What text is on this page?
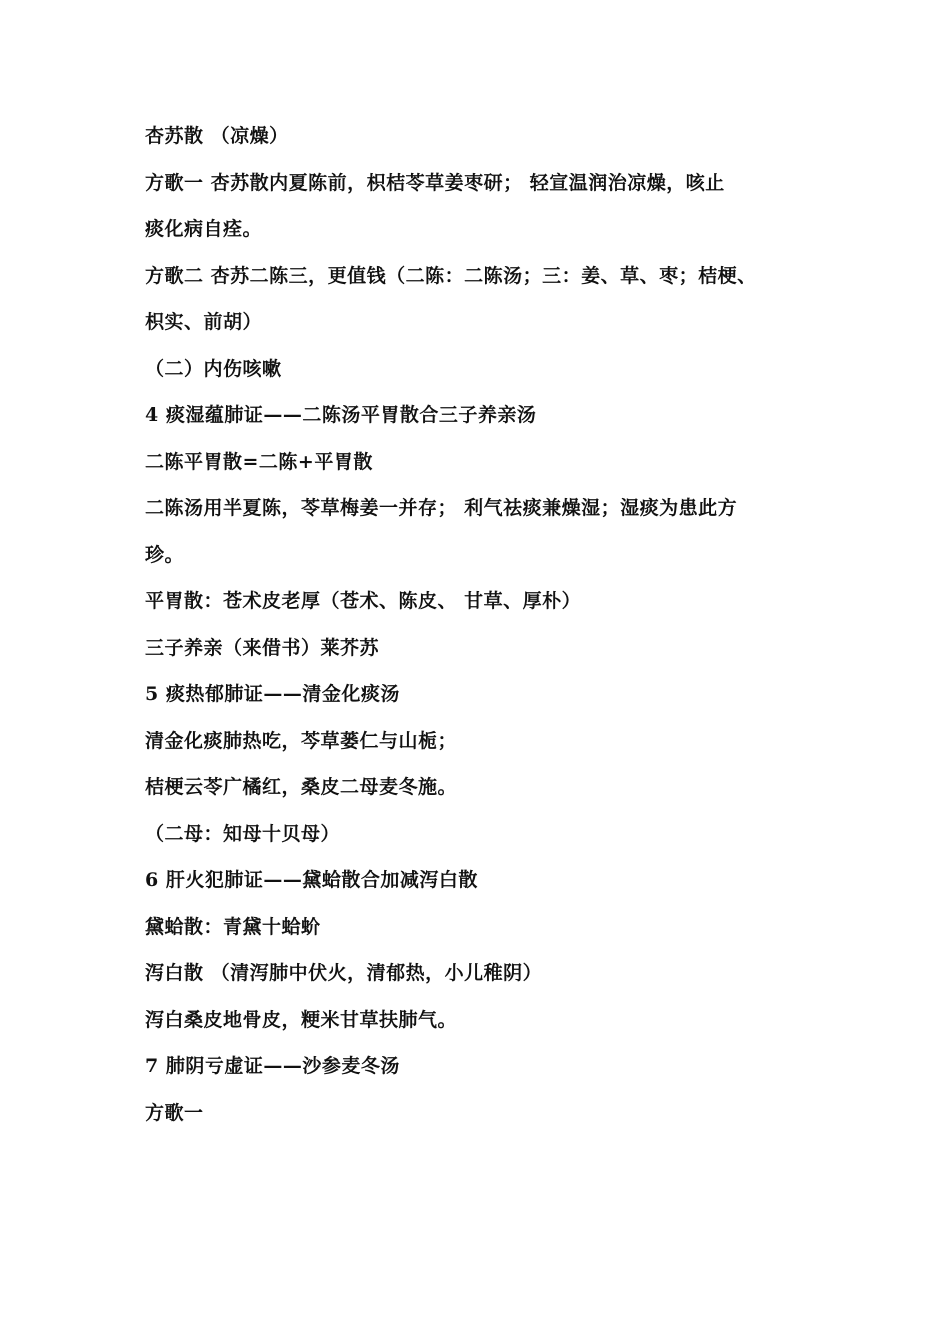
杏苏散 （凉燥）
方歌一 杏苏散内夏陈前，枳桔苓草姜枣研； 轻宣温润治凉燥，咳止
痰化病自痊。
方歌二 杏苏二陈三，更值钱（二陈：二陈汤；三：姜、草、枣；桔梗、
枳实、前胡）
（二）内伤咳嗽
4 痰湿蕴肺证——二陈汤平胃散合三子养亲汤
二陈平胃散=二陈+平胃散
二陈汤用半夏陈，苓草梅姜一并存； 利气祛痰兼燥湿；湿痰为患此方
珍。
平胃散：苍术皮老厚（苍术、陈皮、 甘草、厚朴）
三子养亲（来借书）莱芥苏
5 痰热郁肺证——清金化痰汤
清金化痰肺热吃，芩草蒌仁与山栀；
桔梗云苓广橘红，桑皮二母麦冬施。
（二母：知母十贝母）
6 肝火犯肺证——黛蛤散合加减泻白散
黛蛤散：青黛十蛤蚧
泻白散 （清泻肺中伏火，清郁热，小儿稚阴）
泻白桑皮地骨皮，粳米甘草扶肺气。
7 肺阴亏虚证——沙参麦冬汤
方歌一
